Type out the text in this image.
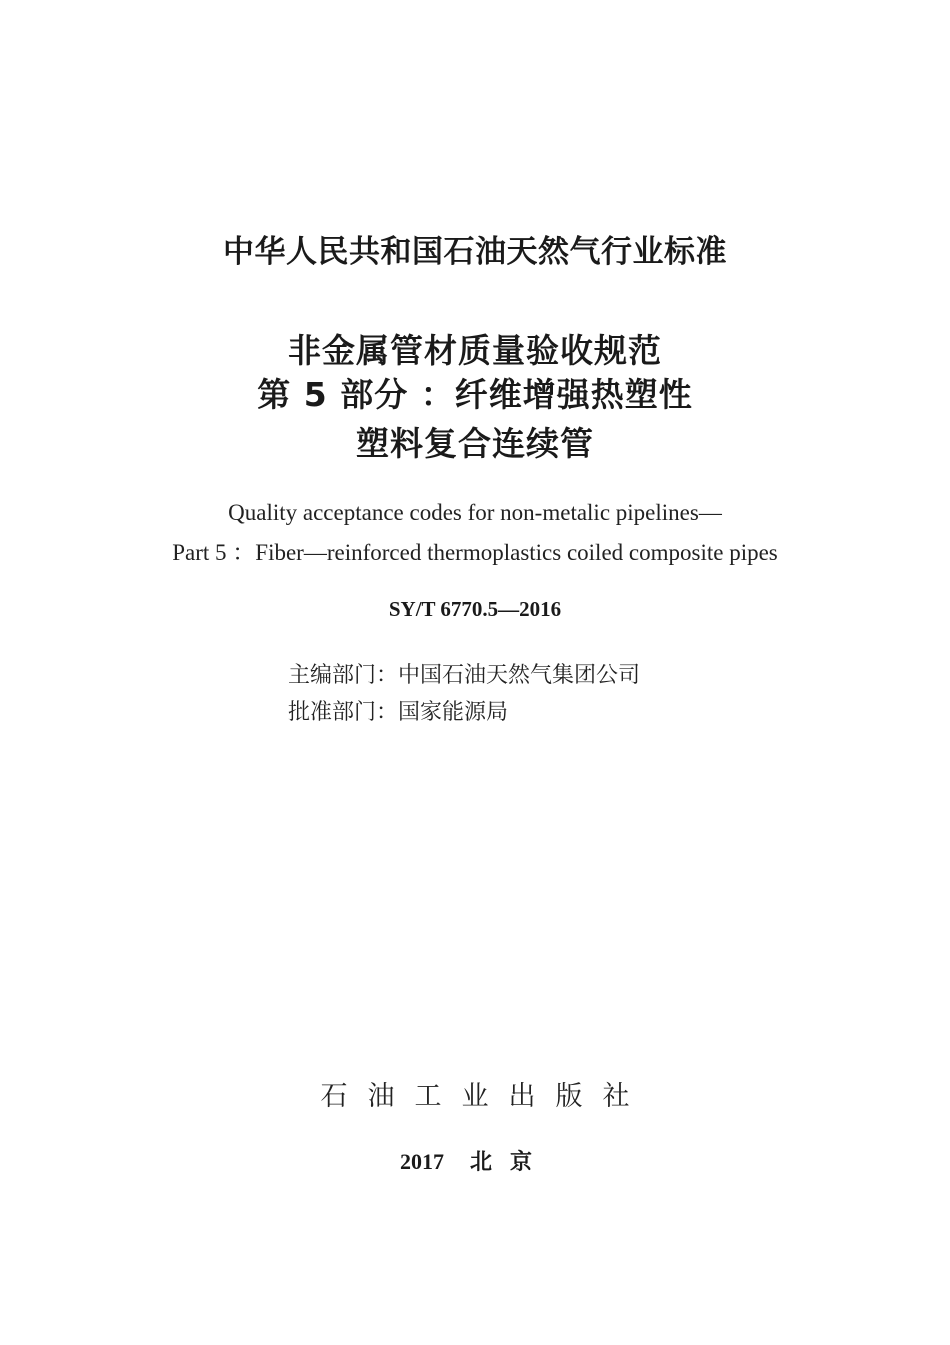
中华人民共和国石油天然气行业标准
非金属管材质量验收规范
第 5 部分 ：纤维增强热塑性
塑料复合连续管
Quality acceptance codes for non-metalic pipelines—
Part 5 ：Fiber—reinforced thermoplastics coiled composite pipes
SY/T 6770.5—2016
主编部门：中国石油天然气集团公司
批准部门：国家能源局
石油工业出版社
2017 北京
